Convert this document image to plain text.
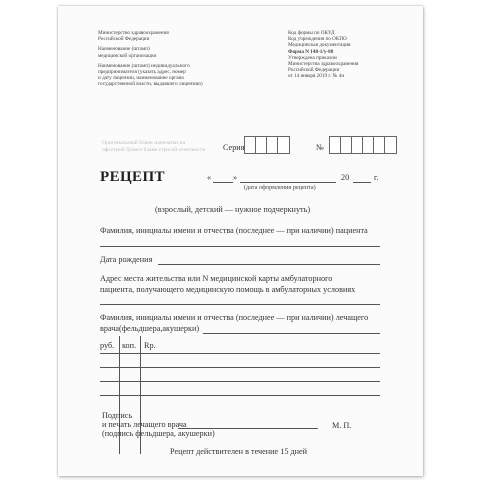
Министерство здравоохранения
Российской Федерации
Наименование (штамп)
медицинской организации
Наименование (штамп) индивидуального
предпринимателя (указать адрес, номер
и дату лицензии, наименование органа
государственной власти, выдавшего лицензию)
Код формы по ОКУД
Код учреждения по ОКПО
Медицинская документация
Форма N 148-1/у-88
Утверждена приказом
Министерства здравоохранения
Российской Федерации
от 14 января 2019 г. № 4н
Оригинальный бланк напечатан на
офсетной бумаге бланк строгой отчетности	Серия	№
РЕЦЕПТ	«	»	20	г.
(дата оформления рецепта)
(взрослый, детский — нужное подчеркнуть)
Фамилия, инициалы имени и отчества (последнее — при наличии) пациента
Дата рождения
Адрес места жительства или N медицинской карты амбулаторного
пациента, получающего медицинскую помощь в амбулаторных условиях
Фамилия, инициалы имени и отчества (последнее — при наличии) лечащего
врача(фельдшера,акушерки)
руб. коп. Rp.
Подпись
и печать лечащего врача
(подпись фельдшера, акушерки)
М. П.
Рецепт действителен в течение 15 дней
